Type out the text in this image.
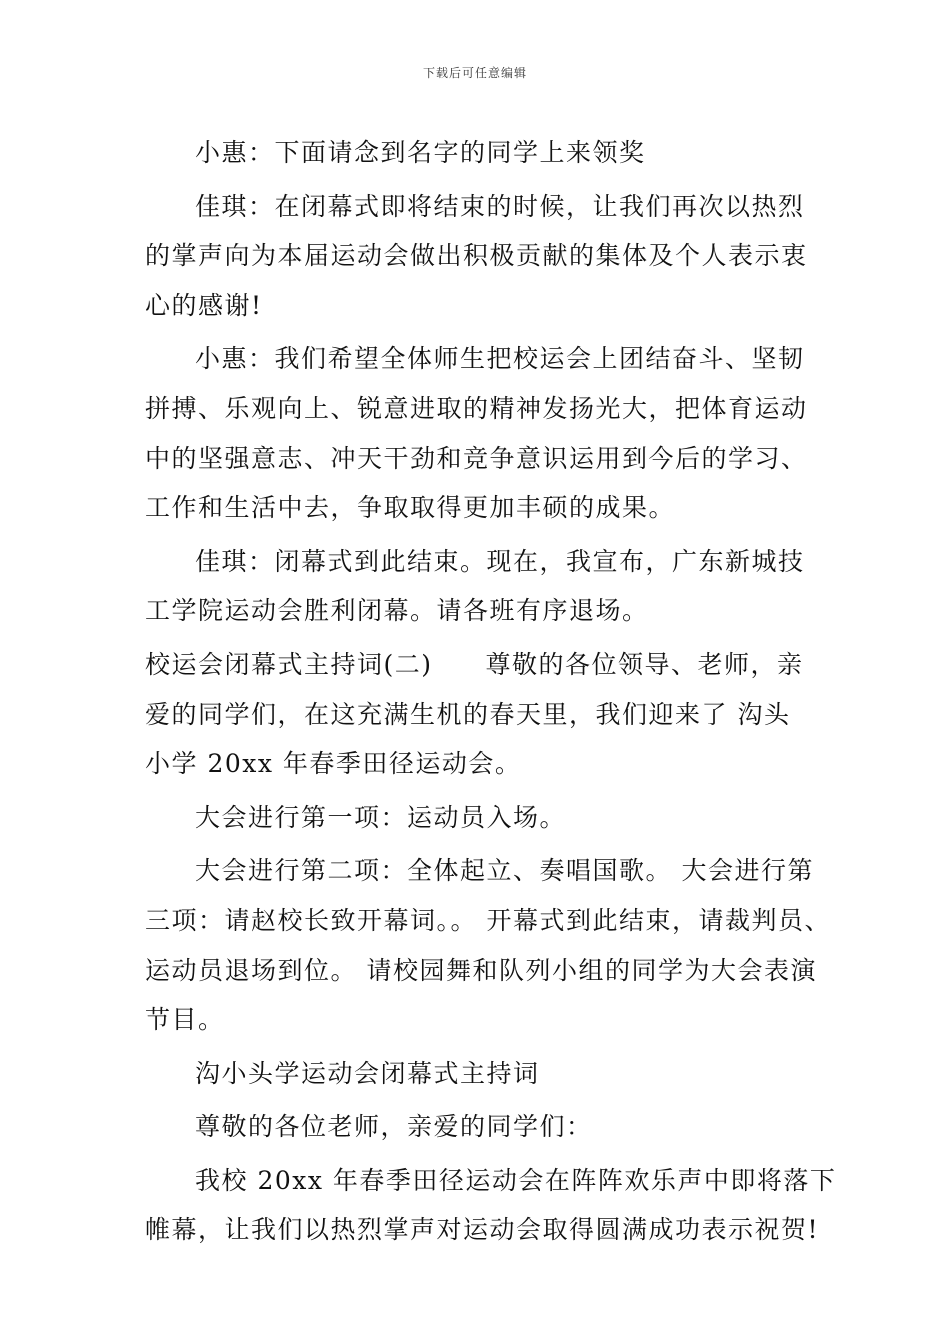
下载后可任意编辑

小惠：下面请念到名字的同学上来领奖

佳琪：在闭幕式即将结束的时候，让我们再次以热烈
的掌声向为本届运动会做出积极贡献的集体及个人表示衷
心的感谢!

小惠：我们希望全体师生把校运会上团结奋斗、坚韧
拼搏、乐观向上、锐意进取的精神发扬光大，把体育运动
中的坚强意志、冲天干劲和竞争意识运用到今后的学习、
工作和生活中去，争取取得更加丰硕的成果。

佳琪：闭幕式到此结束。现在，我宣布，广东新城技
工学院运动会胜利闭幕。请各班有序退场。

校运会闭幕式主持词(二)　　尊敬的各位领导、老师，亲
爱的同学们，在这充满生机的春天里，我们迎来了 沟头
小学 20xx 年春季田径运动会。

大会进行第一项：运动员入场。

大会进行第二项：全体起立、奏唱国歌。 大会进行第
三项：请赵校长致开幕词。。 开幕式到此结束，请裁判员、
运动员退场到位。 请校园舞和队列小组的同学为大会表演
节目。

沟小头学运动会闭幕式主持词

尊敬的各位老师，亲爱的同学们：

我校 20xx 年春季田径运动会在阵阵欢乐声中即将落下
帷幕，让我们以热烈掌声对运动会取得圆满成功表示祝贺!
